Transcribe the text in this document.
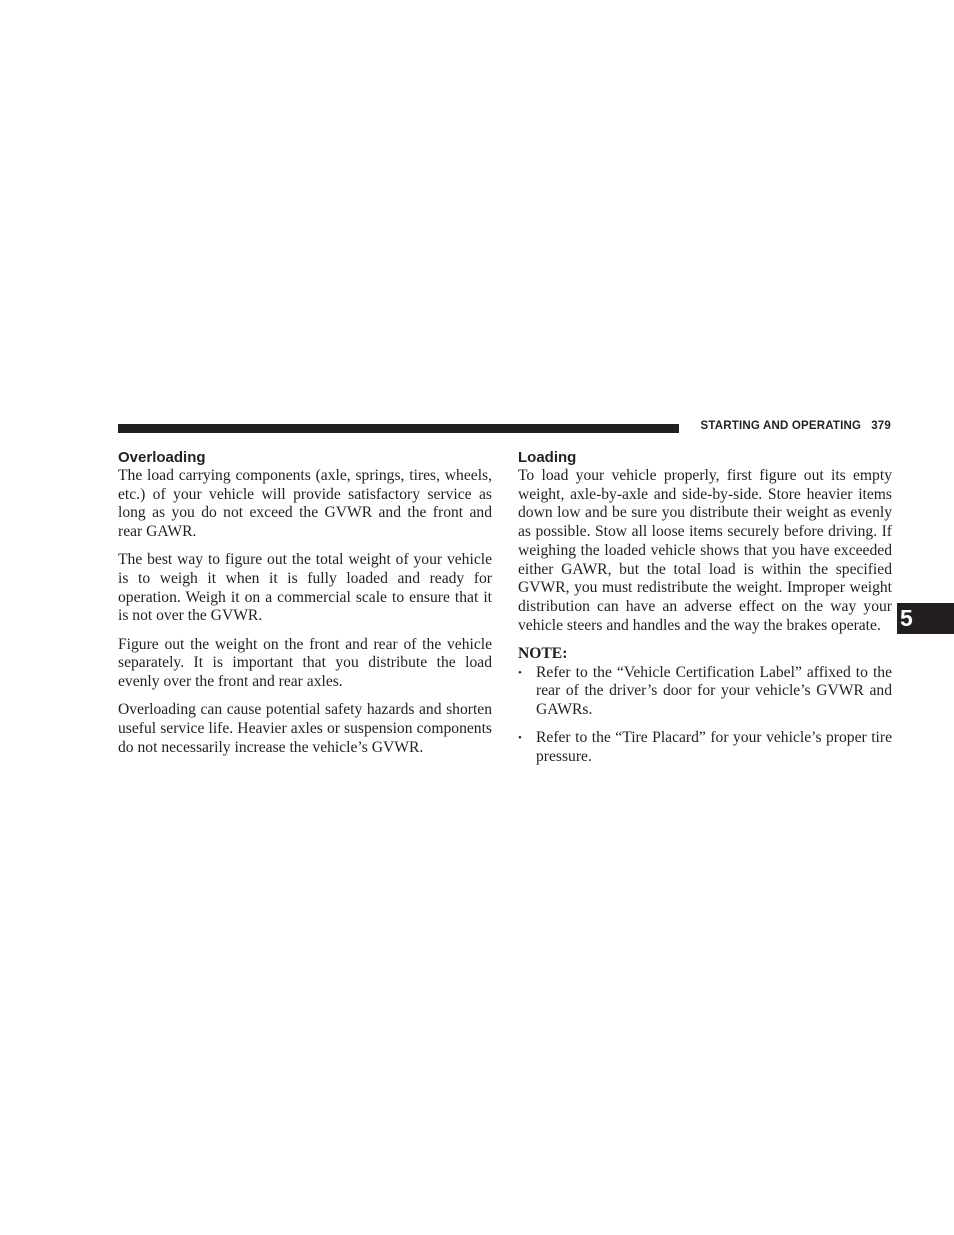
STARTING AND OPERATING 379
5
Overloading

The load carrying components (axle, springs, tires, wheels, etc.) of your vehicle will provide satisfactory service as long as you do not exceed the GVWR and the front and rear GAWR.

The best way to figure out the total weight of your vehicle is to weigh it when it is fully loaded and ready for operation. Weigh it on a commercial scale to ensure that it is not over the GVWR.

Figure out the weight on the front and rear of the vehicle separately. It is important that you distribute the load evenly over the front and rear axles.

Overloading can cause potential safety hazards and shorten useful service life. Heavier axles or suspension components do not necessarily increase the vehicle’s GVWR.

Loading

To load your vehicle properly, first figure out its empty weight, axle-by-axle and side-by-side. Store heavier items down low and be sure you distribute their weight as evenly as possible. Stow all loose items securely before driving. If weighing the loaded vehicle shows that you have exceeded either GAWR, but the total load is within the specified GVWR, you must redistribute the weight. Improper weight distribution can have an adverse effect on the way your vehicle steers and handles and the way the brakes operate.

NOTE:
• Refer to the “Vehicle Certification Label” affixed to the rear of the driver’s door for your vehicle’s GVWR and GAWRs.
• Refer to the “Tire Placard” for your vehicle’s proper tire pressure.
